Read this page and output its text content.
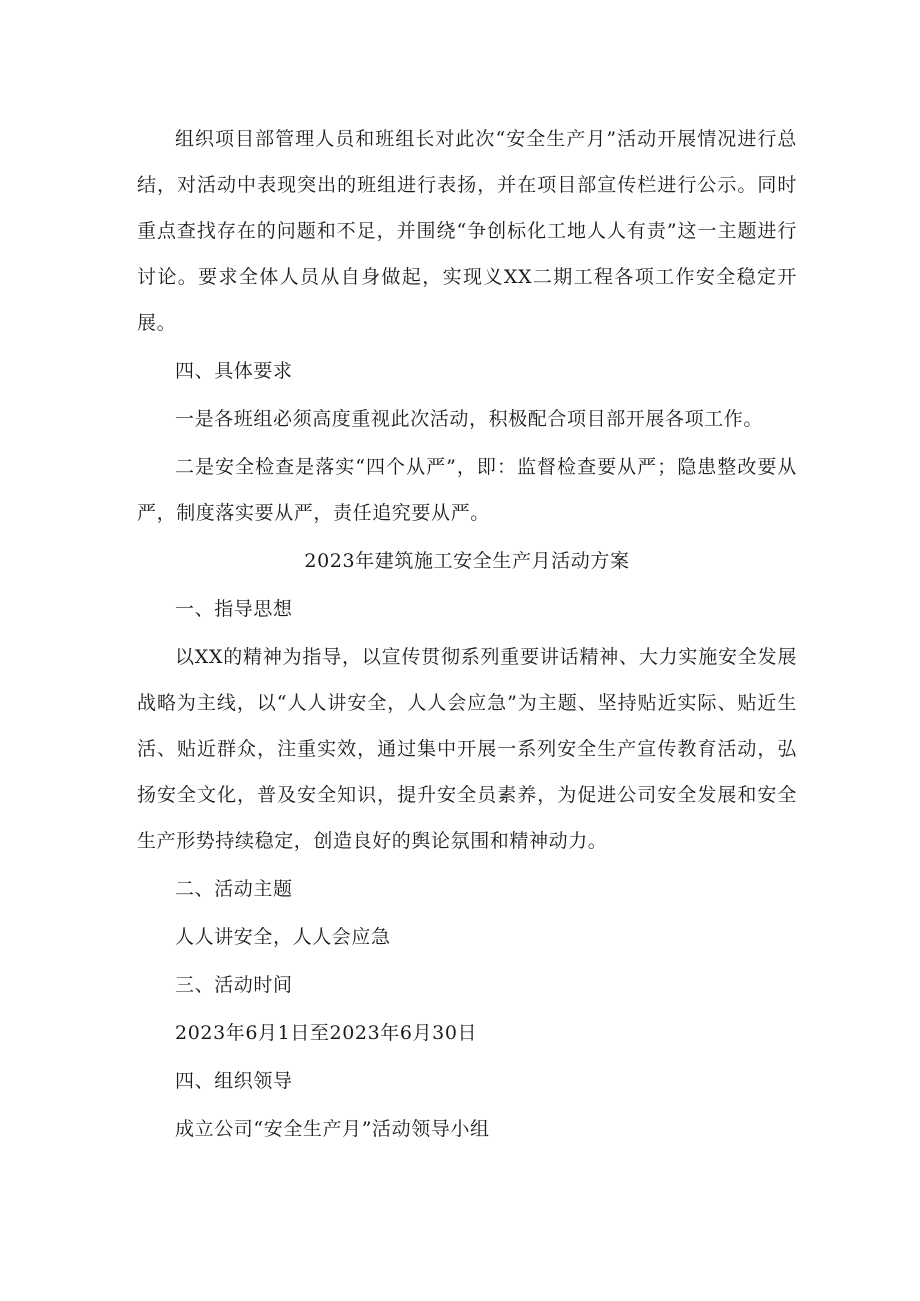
组织项目部管理人员和班组长对此次“安全生产月”活动开展情况进行总结，对活动中表现突出的班组进行表扬，并在项目部宣传栏进行公示。同时重点查找存在的问题和不足，并围绕“争创标化工地人人有责”这一主题进行讨论。要求全体人员从自身做起，实现义XX二期工程各项工作安全稳定开展。

四、具体要求

一是各班组必须高度重视此次活动，积极配合项目部开展各项工作。

二是安全检查是落实“四个从严”，即：监督检查要从严；隐患整改要从严，制度落实要从严，责任追究要从严。

2023年建筑施工安全生产月活动方案

一、指导思想

以XX的精神为指导，以宣传贯彻系列重要讲话精神、大力实施安全发展战略为主线，以“人人讲安全，人人会应急”为主题、坚持贴近实际、贴近生活、贴近群众，注重实效，通过集中开展一系列安全生产宣传教育活动，弘扬安全文化，普及安全知识，提升安全员素养，为促进公司安全发展和安全生产形势持续稳定，创造良好的舆论氛围和精神动力。

二、活动主题

人人讲安全，人人会应急

三、活动时间

2023年6月1日至2023年6月30日

四、组织领导

成立公司“安全生产月”活动领导小组
